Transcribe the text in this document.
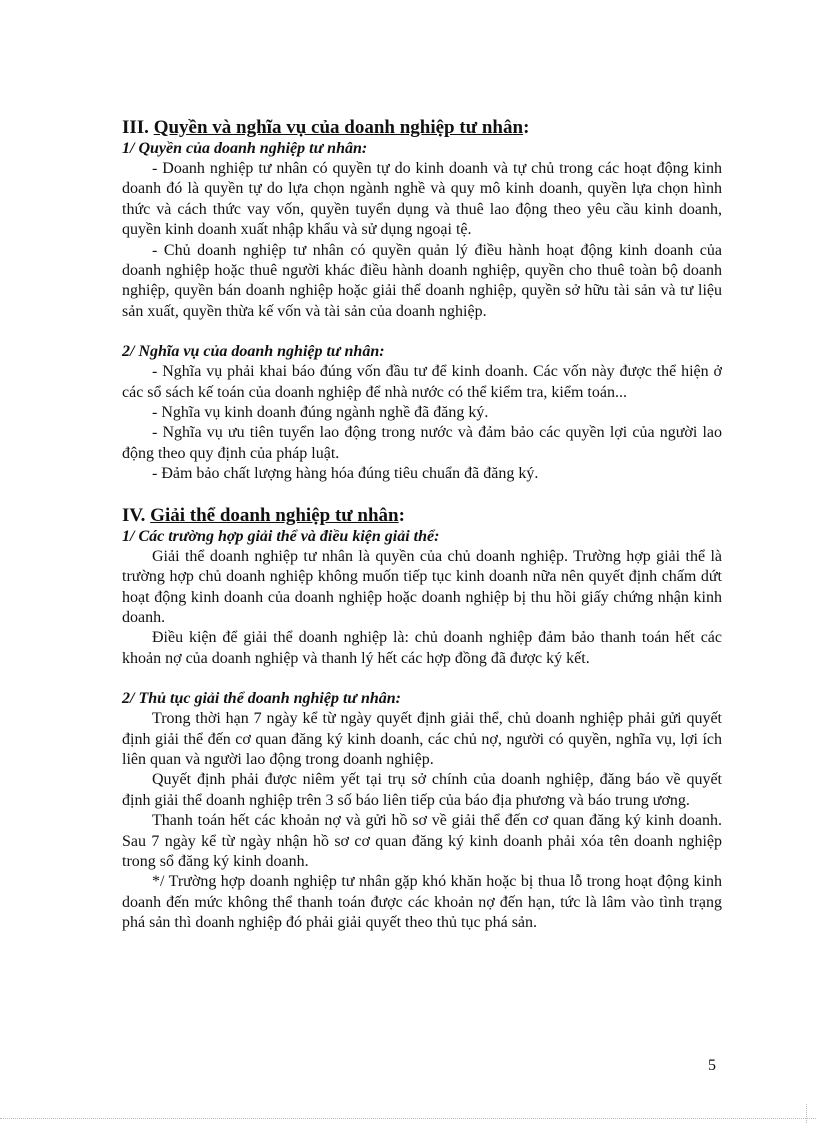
III. Quyền và nghĩa vụ của doanh nghiệp tư nhân:
1/ Quyền của doanh nghiệp tư nhân:

- Doanh nghiệp tư nhân có quyền tự do kinh doanh và tự chủ trong các hoạt động kinh doanh đó là quyền tự do lựa chọn ngành nghề và quy mô kinh doanh, quyền lựa chọn hình thức và cách thức vay vốn, quyền tuyển dụng và thuê lao động theo yêu cầu kinh doanh, quyền kinh doanh xuất nhập khẩu và sử dụng ngoại tệ.

- Chủ doanh nghiệp tư nhân có quyền quản lý điều hành hoạt động kinh doanh của doanh nghiệp hoặc thuê người khác điều hành doanh nghiệp, quyền cho thuê toàn bộ doanh nghiệp, quyền bán doanh nghiệp hoặc giải thể doanh nghiệp, quyền sở hữu tài sản và tư liệu sản xuất, quyền thừa kế vốn và tài sản của doanh nghiệp.

2/ Nghĩa vụ của doanh nghiệp tư nhân:

- Nghĩa vụ phải khai báo đúng vốn đầu tư để kinh doanh. Các vốn này được thể hiện ở các sổ sách kế toán của doanh nghiệp để nhà nước có thể kiểm tra, kiểm toán...

- Nghĩa vụ kinh doanh đúng ngành nghề đã đăng ký.

- Nghĩa vụ ưu tiên tuyển lao động trong nước và đảm bảo các quyền lợi của người lao động theo quy định của pháp luật.

- Đảm bảo chất lượng hàng hóa đúng tiêu chuẩn đã đăng ký.

IV. Giải thể doanh nghiệp tư nhân:
1/ Các trường hợp giải thể và điều kiện giải thể:

Giải thể doanh nghiệp tư nhân là quyền của chủ doanh nghiệp. Trường hợp giải thể là trường hợp chủ doanh nghiệp không muốn tiếp tục kinh doanh nữa nên quyết định chấm dứt hoạt động kinh doanh của doanh nghiệp hoặc doanh nghiệp bị thu hồi giấy chứng nhận kinh doanh.

Điều kiện để giải thể doanh nghiệp là: chủ doanh nghiệp đảm bảo thanh toán hết các khoản nợ của doanh nghiệp và thanh lý hết các hợp đồng đã được ký kết.

2/ Thủ tục giải thể doanh nghiệp tư nhân:

Trong thời hạn 7 ngày kể từ ngày quyết định giải thể, chủ doanh nghiệp phải gửi quyết định giải thể đến cơ quan đăng ký kinh doanh, các chủ nợ, người có quyền, nghĩa vụ, lợi ích liên quan và người lao động trong doanh nghiệp.

Quyết định phải được niêm yết tại trụ sở chính của doanh nghiệp, đăng báo về quyết định giải thể doanh nghiệp trên 3 số báo liên tiếp của báo địa phương và báo trung ương.

Thanh toán hết các khoản nợ và gửi hồ sơ về giải thể đến cơ quan đăng ký kinh doanh. Sau 7 ngày kể từ ngày nhận hồ sơ cơ quan đăng ký kinh doanh phải xóa tên doanh nghiệp trong sổ đăng ký kinh doanh.

*/ Trường hợp doanh nghiệp tư nhân gặp khó khăn hoặc bị thua lỗ trong hoạt động kinh doanh đến mức không thể thanh toán được các khoản nợ đến hạn, tức là lâm vào tình trạng phá sản thì doanh nghiệp đó phải giải quyết theo thủ tục phá sản.

5
